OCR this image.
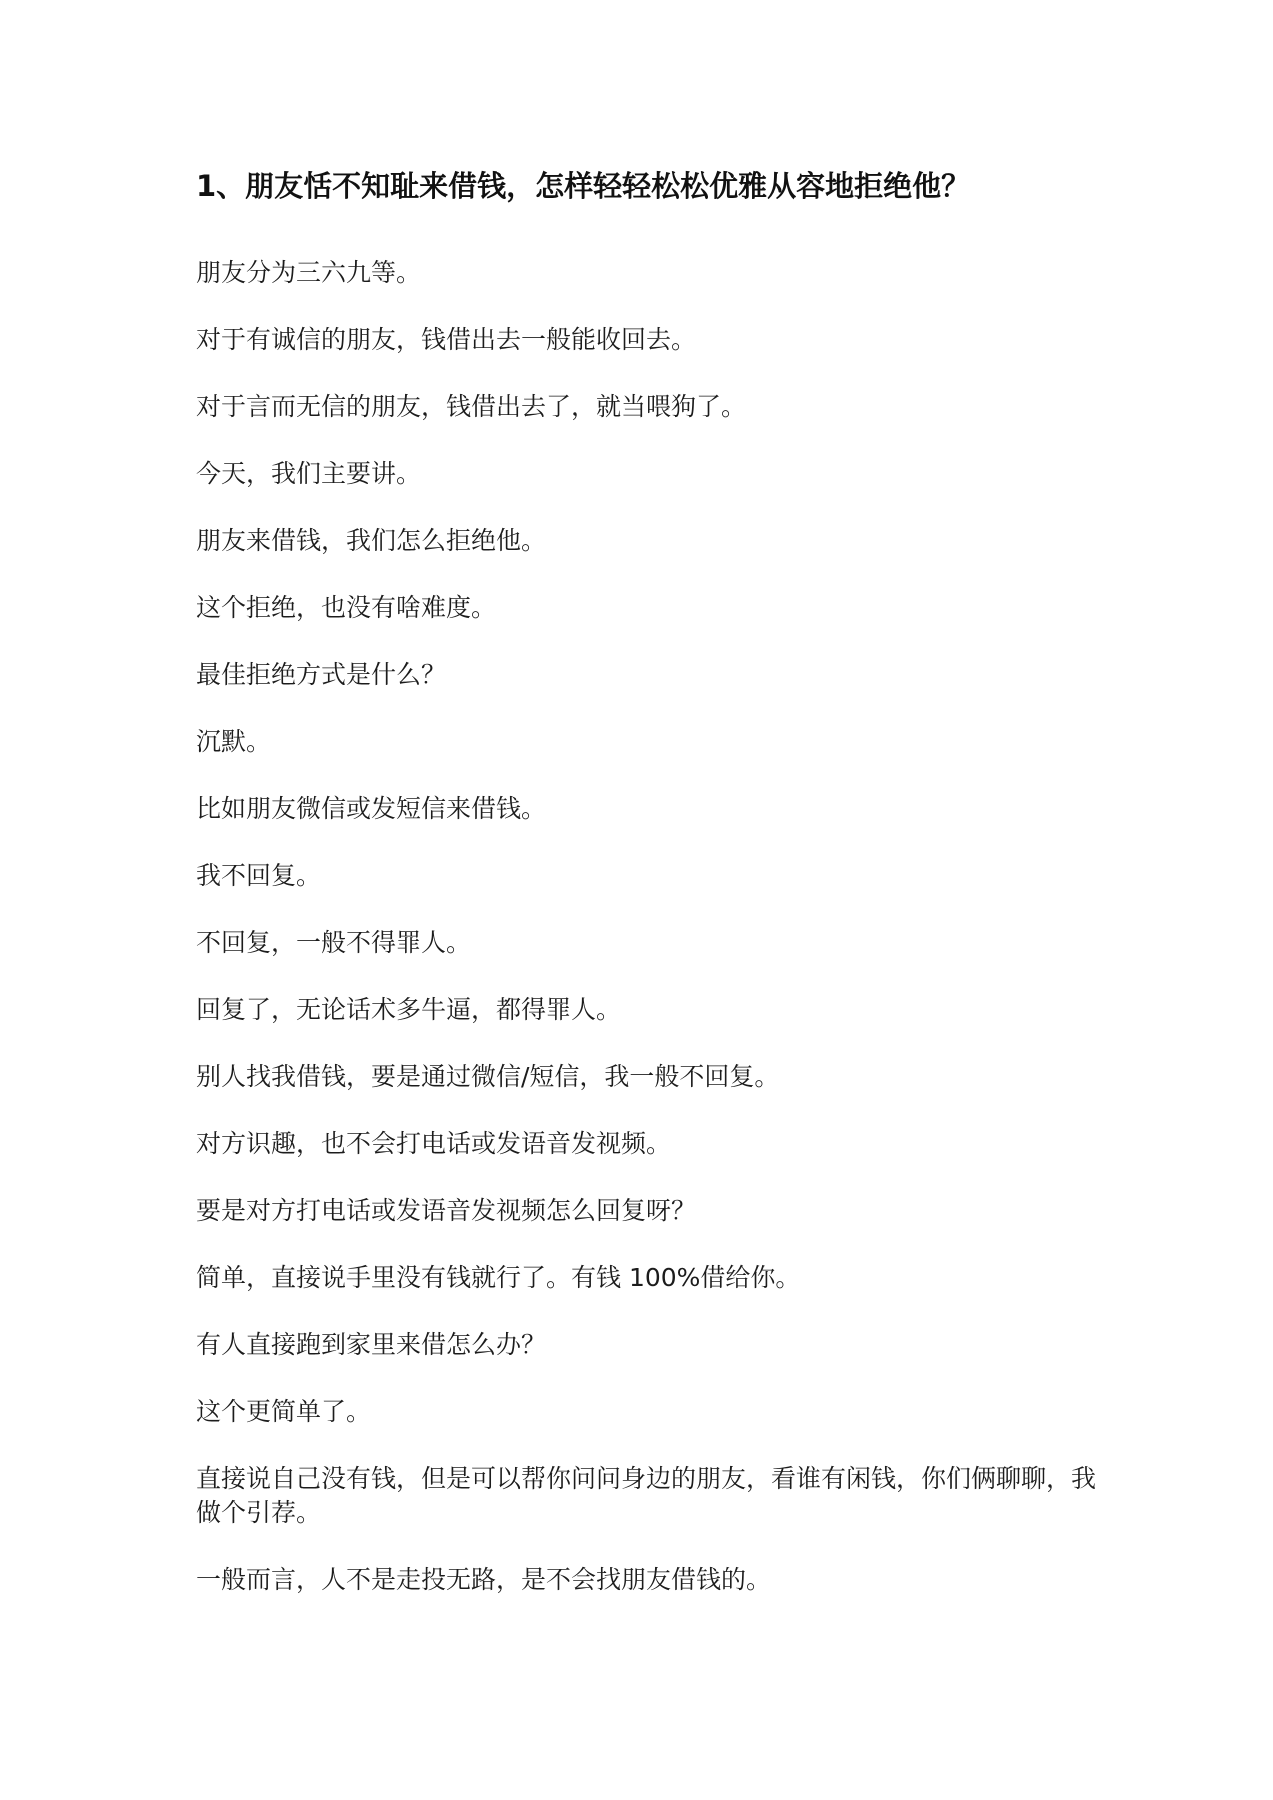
1、朋友恬不知耻来借钱，怎样轻轻松松优雅从容地拒绝他？
朋友分为三六九等。
对于有诚信的朋友，钱借出去一般能收回去。
对于言而无信的朋友，钱借出去了，就当喂狗了。
今天，我们主要讲。
朋友来借钱，我们怎么拒绝他。
这个拒绝，也没有啥难度。
最佳拒绝方式是什么？
沉默。
比如朋友微信或发短信来借钱。
我不回复。
不回复，一般不得罪人。
回复了，无论话术多牛逼，都得罪人。
别人找我借钱，要是通过微信/短信，我一般不回复。
对方识趣，也不会打电话或发语音发视频。
要是对方打电话或发语音发视频怎么回复呀？
简单，直接说手里没有钱就行了。有钱 100%借给你。
有人直接跑到家里来借怎么办？
这个更简单了。
直接说自己没有钱，但是可以帮你问问身边的朋友，看谁有闲钱，你们俩聊聊，我做个引荐。
一般而言，人不是走投无路，是不会找朋友借钱的。
